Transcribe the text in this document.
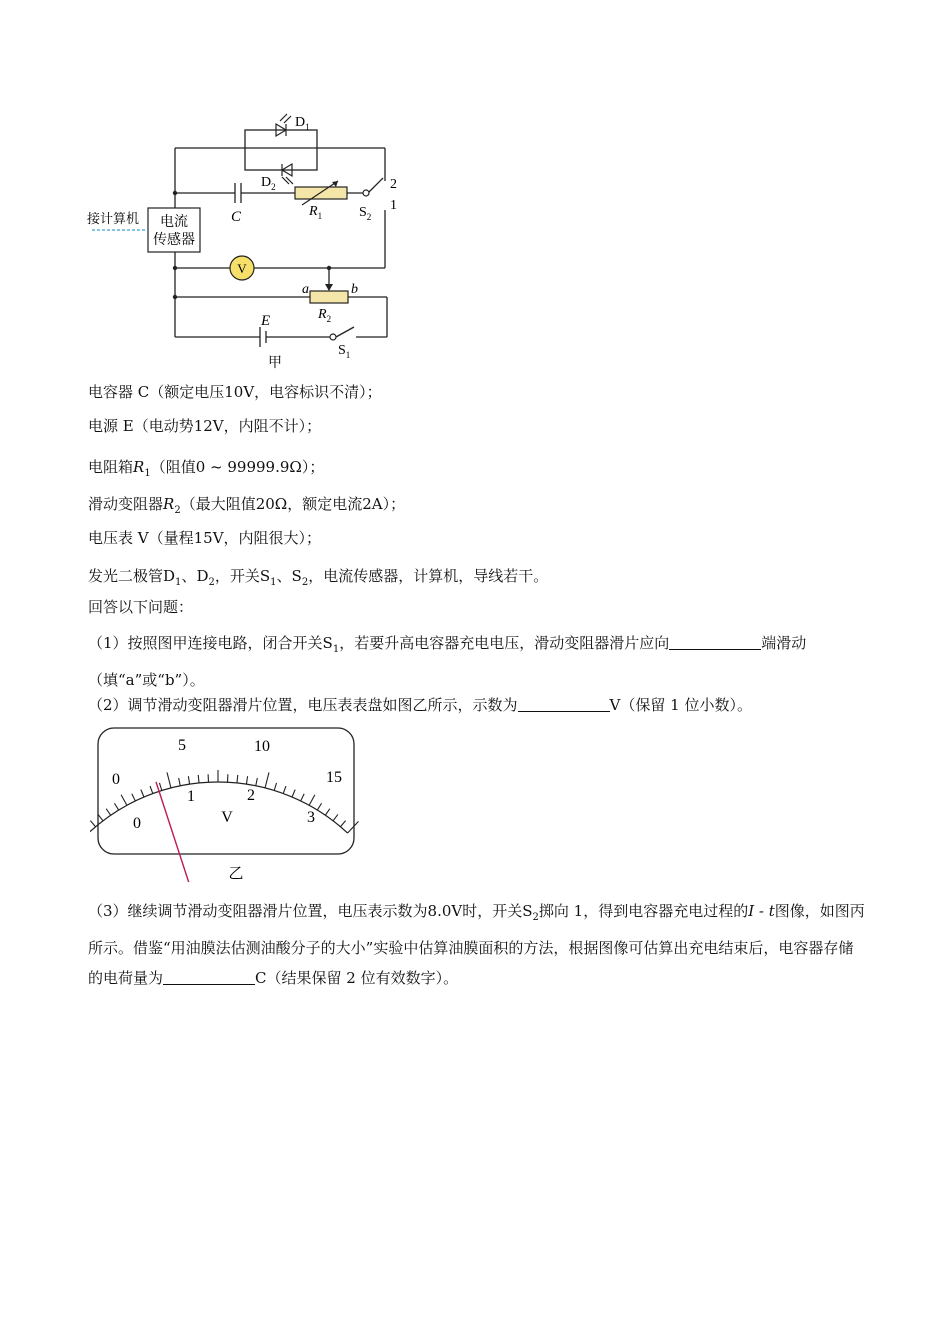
V
电流
传感器
接计算机
$D_1$
$D_2$
C	$R_1$	$S_2$
2
1
a	b
$R_2$
E
$S_1$
甲
电容器 C（额定电压10V，电容标识不清）；
电源 E（电动势12V，内阻不计）；
电阻箱$R_1$（阻值0 ~ 99999.9Ω）；
滑动变阻器$R_2$（最大阻值20Ω，额定电流2A）；
电压表 V（量程15V，内阻很大）；
发光二极管$D_1$、$D_2$，开关$S_1$、$S_2$，电流传感器，计算机，导线若干。
回答以下问题：
（1）按照图甲连接电路，闭合开关$S_1$，若要升高电容器充电电压，滑动变阻器滑片应向	端滑动（填“a”或“b”）。
（2）调节滑动变阻器滑片位置，电压表表盘如图乙所示，示数为	V（保留 1 位小数）。
0
5	10
15
0
1	2
3
V
乙
（3）继续调节滑动变阻器滑片位置，电压表示数为8.0V时，开关$S_2$掷向 1，得到电容器充电过程的I - t图像，如图丙所示。借鉴“用油膜法估测油酸分子的大小”实验中估算油膜面积的方法，根据图像可估算出充电结束后，电容器存储的电荷量为	C（结果保留 2 位有效数字）。
